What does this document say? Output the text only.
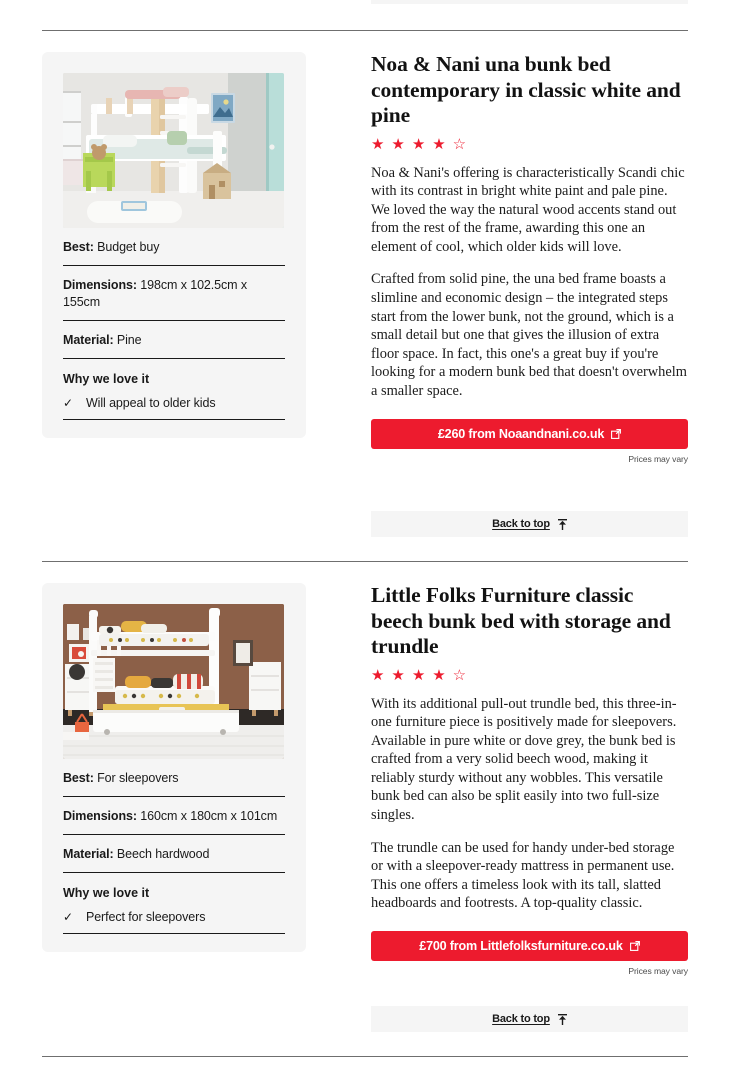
Best: Budget buy
Dimensions: 198cm x 102.5cm x 155cm
Material: Pine
Why we love it
✓ Will appeal to older kids
Noa & Nani una bunk bed contemporary in classic white and pine
★ ★ ★ ★ ☆

Noa & Nani's offering is characteristically Scandi chic with its contrast in bright white paint and pale pine. We loved the way the natural wood accents stand out from the rest of the frame, awarding this one an element of cool, which older kids will love.

Crafted from solid pine, the una bed frame boasts a slimline and economic design – the integrated steps start from the lower bunk, not the ground, which is a small detail but one that gives the illusion of extra floor space. In fact, this one's a great buy if you're looking for a modern bunk bed that doesn't overwhelm a smaller space.

£260 from Noaandnani.co.uk
Prices may vary
Back to top
Best: For sleepovers
Dimensions: 160cm x 180cm x 101cm
Material: Beech hardwood
Why we love it
✓ Perfect for sleepovers
Little Folks Furniture classic beech bunk bed with storage and trundle
★ ★ ★ ★ ☆

With its additional pull-out trundle bed, this three-in-one furniture piece is positively made for sleepovers. Available in pure white or dove grey, the bunk bed is crafted from a very solid beech wood, making it reliably sturdy without any wobbles. This versatile bunk bed can also be split easily into two full-size singles.

The trundle can be used for handy under-bed storage or with a sleepover-ready mattress in permanent use. This one offers a timeless look with its tall, slatted headboards and footrests. A top-quality classic.

£700 from Littlefolksfurniture.co.uk
Prices may vary
Back to top
